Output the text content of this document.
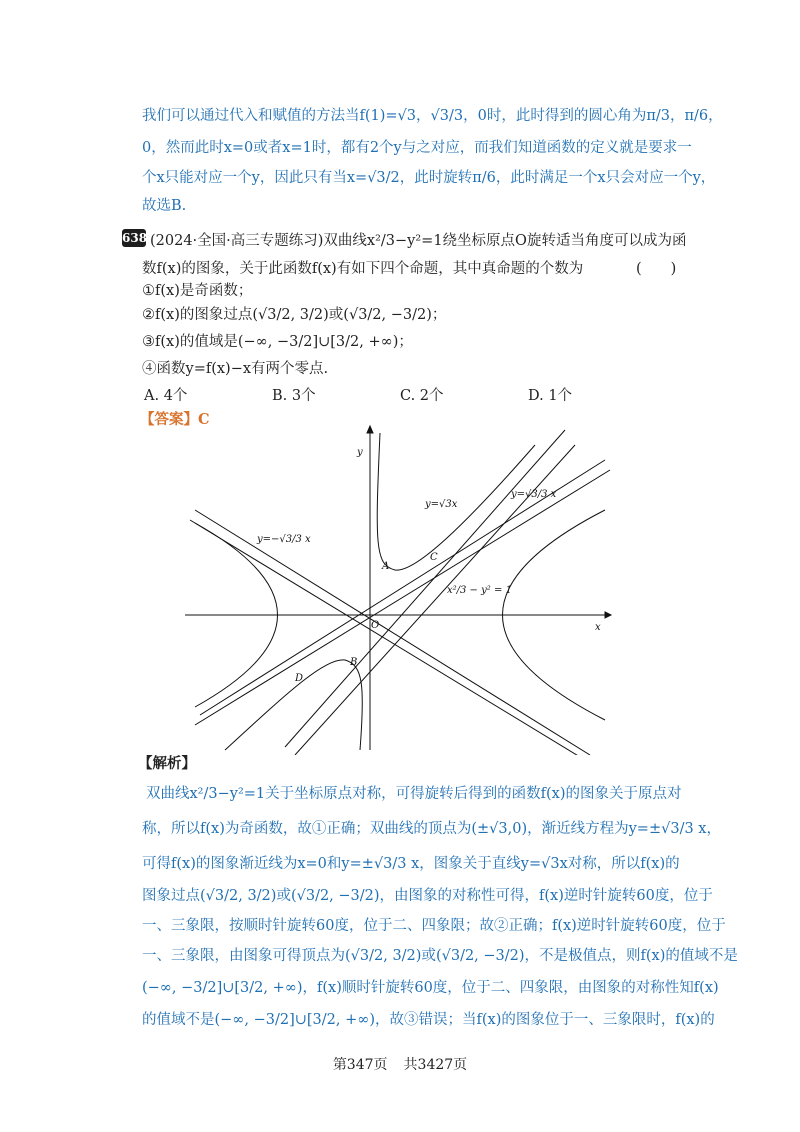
我们可以通过代入和赋值的方法当f(1)=√3，√3/3，0时，此时得到的圆心角为π/3，π/6，
0，然而此时x=0或者x=1时，都有2个y与之对应，而我们知道函数的定义就是要求一
个x只能对应一个y，因此只有当x=√3/2，此时旋转π/6，此时满足一个x只会对应一个y，
故选B.
638 (2024·全国·高三专题练习)双曲线x²/3−y²=1绕坐标原点O旋转适当角度可以成为函
数f(x)的图象，关于此函数f(x)有如下四个命题，其中真命题的个数为	(　　)
①f(x)是奇函数；
②f(x)的图象过点(√3/2, 3/2)或(√3/2, −3/2)；
③f(x)的值域是(−∞, −3/2]∪[3/2, +∞)；
④函数y=f(x)−x有两个零点.
A. 4个	B. 3个	C. 2个	D. 1个
【答案】C
y
x
O
y=√3x
y=√3/3 x
y=−√3/3 x
x²/3 − y² = 1
A
C
B
D
【解析】
双曲线x²/3−y²=1关于坐标原点对称，可得旋转后得到的函数f(x)的图象关于原点对
称，所以f(x)为奇函数，故①正确；双曲线的顶点为(±√3,0)，渐近线方程为y=±√3/3 x，
可得f(x)的图象渐近线为x=0和y=±√3/3 x，图象关于直线y=√3x对称，所以f(x)的
图象过点(√3/2, 3/2)或(√3/2, −3/2)，由图象的对称性可得，f(x)逆时针旋转60度，位于
一、三象限，按顺时针旋转60度，位于二、四象限；故②正确；f(x)逆时针旋转60度，位于
一、三象限，由图象可得顶点为(√3/2, 3/2)或(√3/2, −3/2)，不是极值点，则f(x)的值域不是
(−∞, −3/2]∪[3/2, +∞)，f(x)顺时针旋转60度，位于二、四象限，由图象的对称性知f(x)
的值域不是(−∞, −3/2]∪[3/2, +∞)，故③错误；当f(x)的图象位于一、三象限时，f(x)的
第347页 共3427页
